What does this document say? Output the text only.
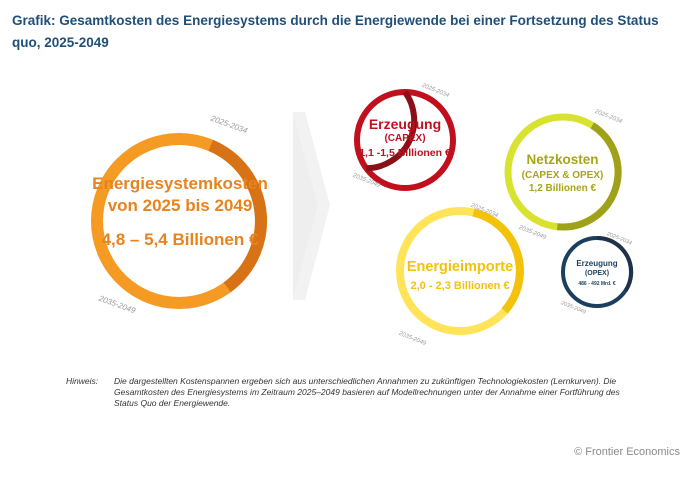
Grafik: Gesamtkosten des Energiesystems durch die Energiewende bei einer Fortsetzung des Status quo, 2025-2049
Energiesystemkosten
von 2025 bis 2049
4,8 – 5,4 Billionen €
2025-2034
2035-2049
Erzeugung
(CAPEX)
1,1 -1,5 Billionen €
2025-2034
2035-2049
Netzkosten
(CAPEX & OPEX)
1,2 Billionen €
2025-2034
2035-2049
Energieimporte
2,0 - 2,3 Billionen €
2025-2034
2035-2049
Erzeugung
(OPEX)
486 - 492 Mrd. €
2025-2034
2035-2049
Hinweis: Die dargestellten Kostenspannen ergeben sich aus unterschiedlichen Annahmen zu zukünftigen Technologiekosten (Lernkurven). Die Gesamtkosten des Energiesystems im Zeitraum 2025–2049 basieren auf Modellrechnungen unter der Annahme einer Fortführung des Status Quo der Energiewende.
© Frontier Economics
